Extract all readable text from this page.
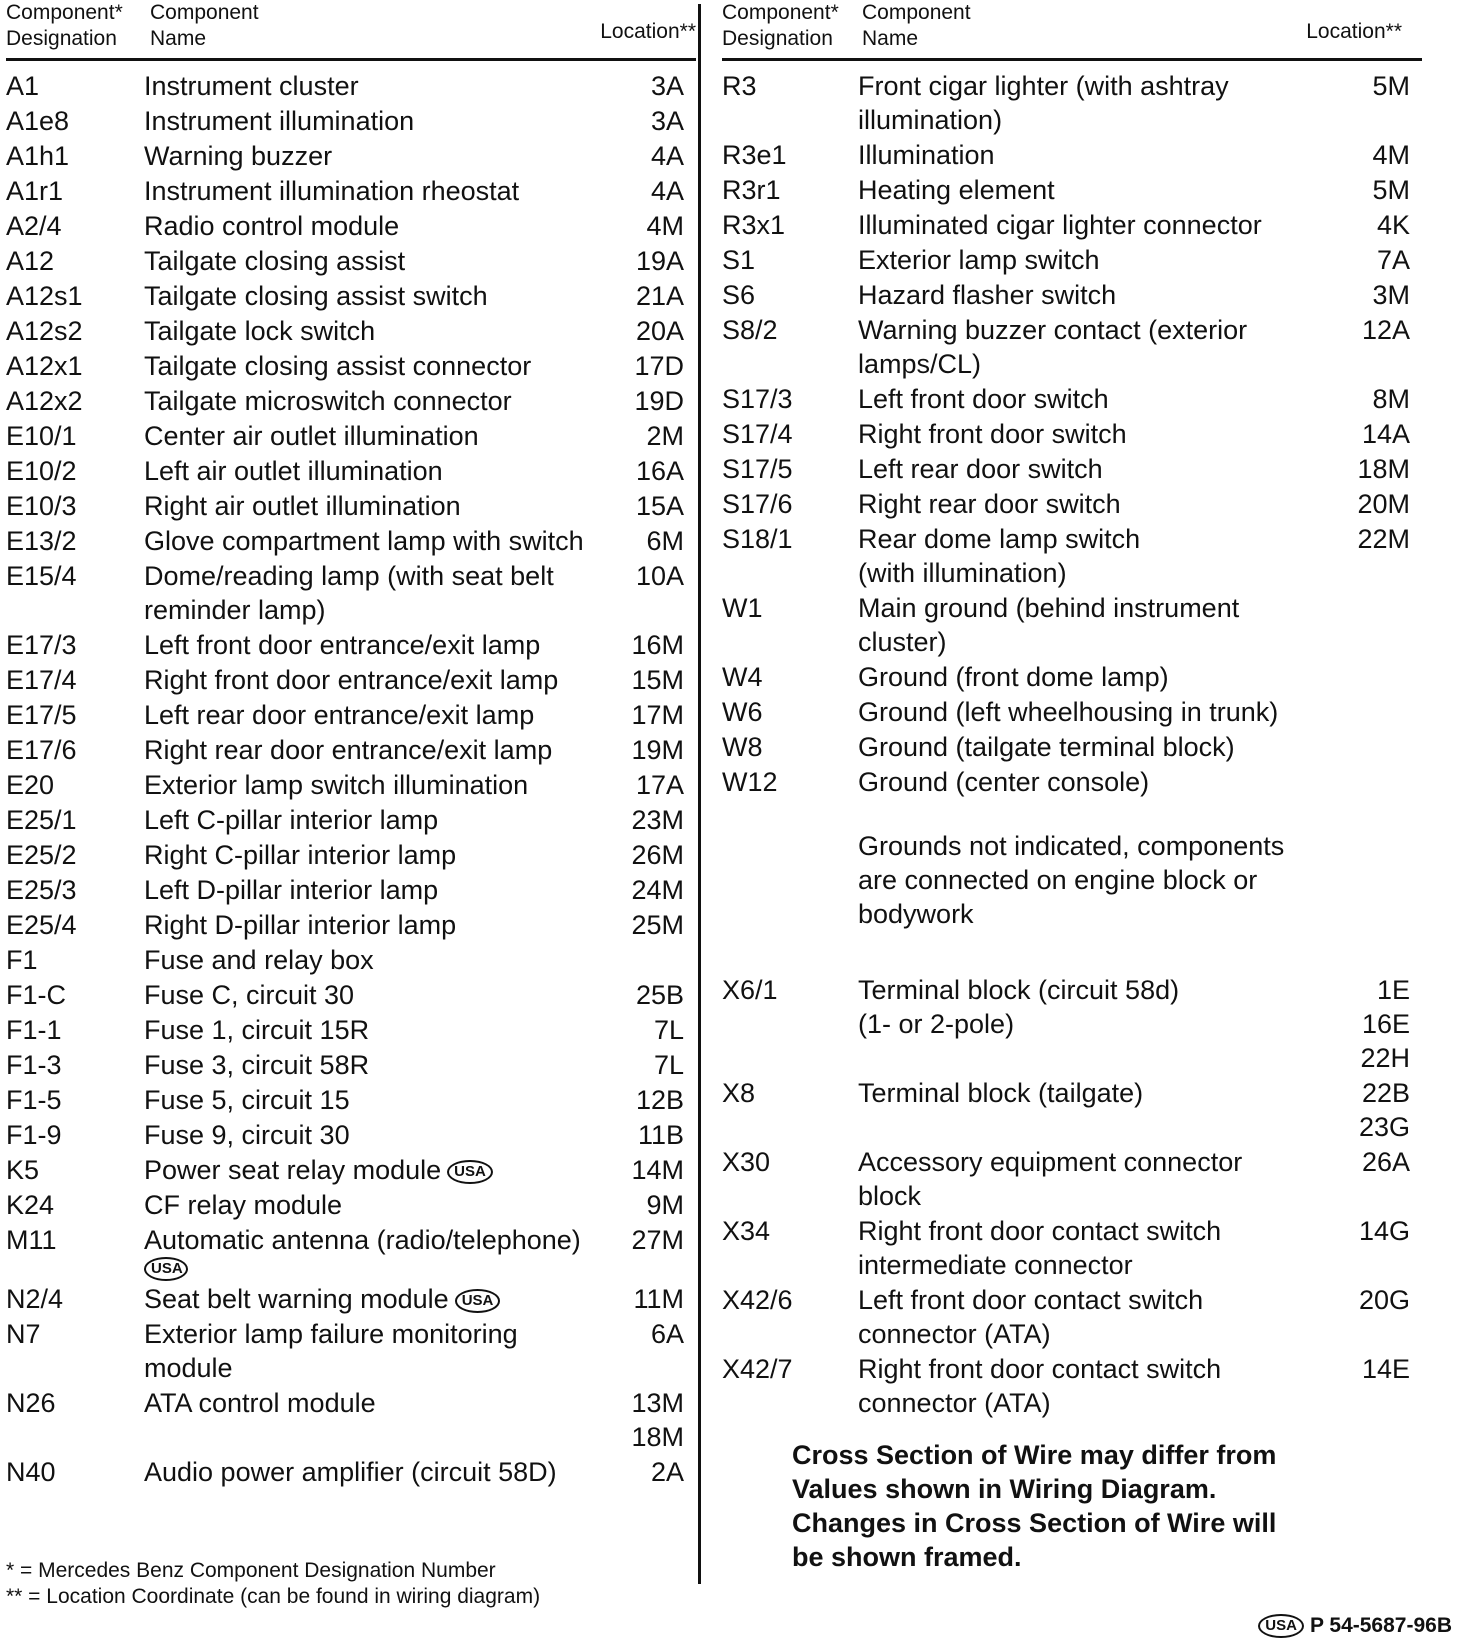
Component*
Designation
Component
Name	Location**
A1	Instrument cluster	3A
A1e8	Instrument illumination	3A
A1h1	Warning buzzer	4A
A1r1	Instrument illumination rheostat	4A
A2/4	Radio control module	4M
A12	Tailgate closing assist	19A
A12s1	Tailgate closing assist switch	21A
A12s2	Tailgate lock switch	20A
A12x1	Tailgate closing assist connector	17D
A12x2	Tailgate microswitch connector	19D
E10/1	Center air outlet illumination	2M
E10/2	Left air outlet illumination	16A
E10/3	Right air outlet illumination	15A
E13/2	Glove compartment lamp with switch	6M
E15/4	Dome/reading lamp (with seat belt
reminder lamp)
10A
E17/3	Left front door entrance/exit lamp	16M
E17/4	Right front door entrance/exit lamp	15M
E17/5	Left rear door entrance/exit lamp	17M
E17/6	Right rear door entrance/exit lamp	19M
E20	Exterior lamp switch illumination	17A
E25/1	Left C-pillar interior lamp	23M
E25/2	Right C-pillar interior lamp	26M
E25/3	Left D-pillar interior lamp	24M
E25/4	Right D-pillar interior lamp	25M
F1	Fuse and relay box
F1-C	Fuse C, circuit 30	25B
F1-1	Fuse 1, circuit 15R	7L
F1-3	Fuse 3, circuit 58R	7L
F1-5	Fuse 5, circuit 15	12B
F1-9	Fuse 9, circuit 30	11B
K5	Power seat relay module USA	14M
K24	CF relay module	9M
M11	Automatic antenna (radio/telephone)
USA
27M
N2/4	Seat belt warning module USA	11M
N7	Exterior lamp failure monitoring
module
6A
N26	ATA control module	13M
18M
N40	Audio power amplifier (circuit 58D)	2A
Component*
Designation
Component
Name	Location**
R3	Front cigar lighter (with ashtray
illumination)
5M
R3e1	Illumination	4M
R3r1	Heating element	5M
R3x1	Illuminated cigar lighter connector	4K
S1	Exterior lamp switch	7A
S6	Hazard flasher switch	3M
S8/2	Warning buzzer contact (exterior
lamps/CL)
12A
S17/3	Left front door switch	8M
S17/4	Right front door switch	14A
S17/5	Left rear door switch	18M
S17/6	Right rear door switch	20M
S18/1	Rear dome lamp switch
(with illumination)
22M
W1	Main ground (behind instrument
cluster)
W4	Ground (front dome lamp)
W6	Ground (left wheelhousing in trunk)
W8	Ground (tailgate terminal block)
W12	Ground (center console)
Grounds not indicated, components are connected on engine block or bodywork
X6/1	Terminal block (circuit 58d)
(1- or 2-pole)
1E
16E
22H
X8	Terminal block (tailgate)	22B
23G
X30	Accessory equipment connector
block
26A
X34	Right front door contact switch
intermediate connector
14G
X42/6	Left front door contact switch
connector (ATA)
20G
X42/7	Right front door contact switch
connector (ATA)
14E
Cross Section of Wire may differ from Values shown in Wiring Diagram.
Changes in Cross Section of Wire will be shown framed.
* = Mercedes Benz Component Designation Number
** = Location Coordinate (can be found in wiring diagram)
USA P 54-5687-96B
